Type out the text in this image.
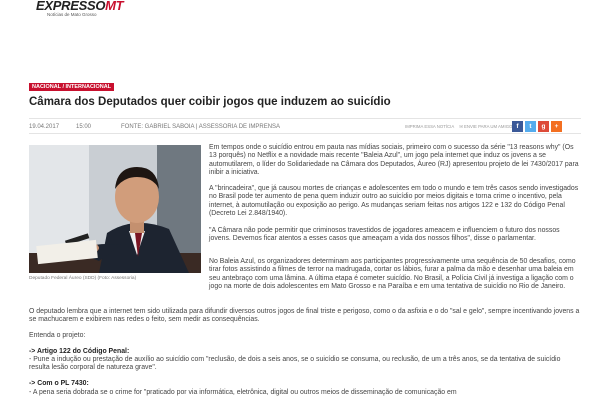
EXPRESSOMT
Notícias de Mato Grosso
NACIONAL / INTERNACIONAL
Câmara dos Deputados quer coibir jogos que induzem ao suicídio
19.04.2017	15:00	FONTE: GABRIEL SABOIA | ASSESSORIA DE IMPRENSA	IMPRIMA ESSA NOTÍCIA ✉ ENVIE PARA UM AMIGO f	t	g	+
Deputado Federal Áureo (SDD) (Foto: Assessoria)

Em tempos onde o suicídio entrou em pauta nas mídias sociais, primeiro com o sucesso da série "13 reasons why" (Os 13 porquês) no Netflix e a novidade mais recente "Baleia Azul", um jogo pela internet que induz os jovens a se automutilarem, o líder do Solidariedade na Câmara dos Deputados, Áureo (RJ) apresentou projeto de lei 7430/2017 para inibir a iniciativa.

A "brincadeira", que já causou mortes de crianças e adolescentes em todo o mundo e tem três casos sendo investigados no Brasil pode ter aumento de pena quem induzir outro ao suicídio por meios digitais e torna crime o incentivo, pela internet, à automutilação ou exposição ao perigo. As mudanças seriam feitas nos artigos 122 e 132 do Código Penal (Decreto Lei 2.848/1940).

"A Câmara não pode permitir que criminosos travestidos de jogadores ameacem e influenciem o futuro dos nossos jovens. Devemos ficar atentos a esses casos que ameaçam a vida dos nossos filhos", disse o parlamentar.

No Baleia Azul, os organizadores determinam aos participantes progressivamente uma sequência de 50 desafios, como tirar fotos assistindo a filmes de terror na madrugada, cortar os lábios, furar a palma da mão e desenhar uma baleia em seu antebraço com uma lâmina. A última etapa é cometer suicídio. No Brasil, a Polícia Civil já investiga a ligação com o jogo na morte de dois adolescentes em Mato Grosso e na Paraíba e em uma tentativa de suicídio no Rio de Janeiro.

O deputado lembra que a internet tem sido utilizada para difundir diversos outros jogos de final triste e perigoso, como o da asfixia e o do "sal e gelo", sempre incentivando jovens a se machucarem e exibirem nas redes o feito, sem medir as consequências.

Entenda o projeto:

-> Artigo 122 do Código Penal:

- Pune a indução ou prestação de auxílio ao suicídio com "reclusão, de dois a seis anos, se o suicídio se consuma, ou reclusão, de um a três anos, se da tentativa de suicídio resulta lesão corporal de natureza grave".

-> Com o PL 7430:

- A pena seria dobrada se o crime for "praticado por via informática, eletrônica, digital ou outros meios de disseminação de comunicação em
